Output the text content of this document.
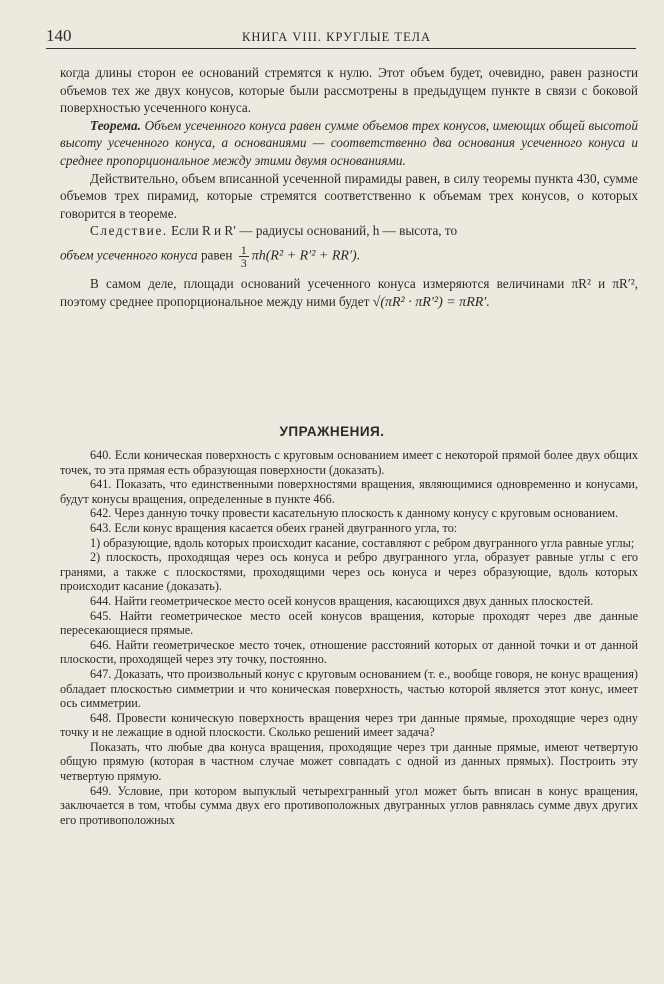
140	КНИГА VIII. КРУГЛЫЕ ТЕЛА

когда длины сторон ее оснований стремятся к нулю. Этот объем будет, очевидно, равен разности объемов тех же двух конусов, которые были рассмотрены в предыдущем пункте в связи с боковой поверхностью усеченного конуса.

Теорема. Объем усеченного конуса равен сумме объемов трех конусов, имеющих общей высотой высоту усеченного конуса, а основаниями — соответственно два основания усеченного конуса и среднее пропорциональное между этими двумя основаниями.

Действительно, объем вписанной усеченной пирамиды равен, в силу теоремы пункта 430, сумме объемов трех пирамид, которые стремятся соответственно к объемам трех конусов, о которых говорится в теореме.

Следствие. Если R и R′ — радиусы оснований, h — высота, то

объем усеченного конуса равен $\frac{1}{3} \pi h(R^2 + R'^2 + RR')$.

В самом деле, площади оснований усеченного конуса измеряются величинами πR² и πR′², поэтому среднее пропорциональное между ними будет √(πR² · πR′²) = πRR′.

УПРАЖНЕНИЯ.

640. Если коническая поверхность с круговым основанием имеет с некоторой прямой более двух общих точек, то эта прямая есть образующая поверхности (доказать).

641. Показать, что единственными поверхностями вращения, являющимися одновременно и конусами, будут конусы вращения, определенные в пункте 466.

642. Через данную точку провести касательную плоскость к данному конусу с круговым основанием.

643. Если конус вращения касается обеих граней двугранного угла, то:

1) образующие, вдоль которых происходит касание, составляют с ребром двугранного угла равные углы;

2) плоскость, проходящая через ось конуса и ребро двугранного угла, образует равные углы с его гранями, а также с плоскостями, проходящими через ось конуса и через образующие, вдоль которых происходит касание (доказать).

644. Найти геометрическое место осей конусов вращения, касающихся двух данных плоскостей.

645. Найти геометрическое место осей конусов вращения, которые проходят через две данные пересекающиеся прямые.

646. Найти геометрическое место точек, отношение расстояний которых от данной точки и от данной плоскости, проходящей через эту точку, постоянно.

647. Доказать, что произвольный конус с круговым основанием (т. е., вообще говоря, не конус вращения) обладает плоскостью симметрии и что коническая поверхность, частью которой является этот конус, имеет ось симметрии.

648. Провести коническую поверхность вращения через три данные прямые, проходящие через одну точку и не лежащие в одной плоскости. Сколько решений имеет задача?

Показать, что любые два конуса вращения, проходящие через три данные прямые, имеют четвертую общую прямую (которая в частном случае может совпадать с одной из данных прямых). Построить эту четвертую прямую.

649. Условие, при котором выпуклый четырехгранный угол может быть вписан в конус вращения, заключается в том, чтобы сумма двух его противоположных двугранных углов равнялась сумме двух других его противоположных
